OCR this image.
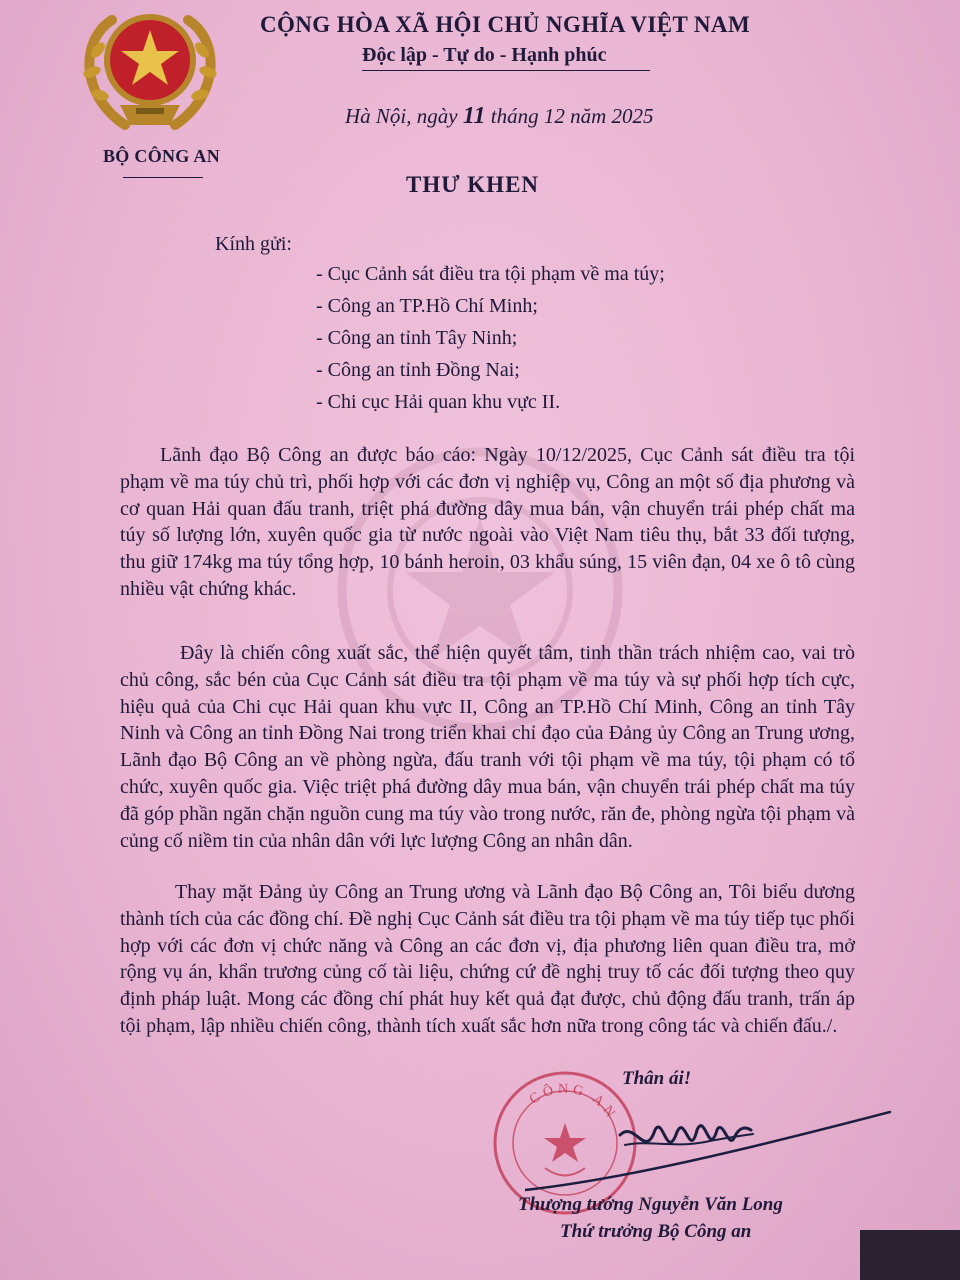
BỘ CÔNG AN
CỘNG HÒA XÃ HỘI CHỦ NGHĨA VIỆT NAM
Độc lập - Tự do - Hạnh phúc
Hà Nội, ngày 11 tháng 12 năm 2025
THƯ KHEN
Kính gửi:
- Cục Cảnh sát điều tra tội phạm về ma túy;
- Công an TP.Hồ Chí Minh;
- Công an tỉnh Tây Ninh;
- Công an tỉnh Đồng Nai;
- Chi cục Hải quan khu vực II.

Lãnh đạo Bộ Công an được báo cáo: Ngày 10/12/2025, Cục Cảnh sát điều tra tội phạm về ma túy chủ trì, phối hợp với các đơn vị nghiệp vụ, Công an một số địa phương và cơ quan Hải quan đấu tranh, triệt phá đường dây mua bán, vận chuyển trái phép chất ma túy số lượng lớn, xuyên quốc gia từ nước ngoài vào Việt Nam tiêu thụ, bắt 33 đối tượng, thu giữ 174kg ma túy tổng hợp, 10 bánh heroin, 03 khẩu súng, 15 viên đạn, 04 xe ô tô cùng nhiều vật chứng khác.

Đây là chiến công xuất sắc, thể hiện quyết tâm, tinh thần trách nhiệm cao, vai trò chủ công, sắc bén của Cục Cảnh sát điều tra tội phạm về ma túy và sự phối hợp tích cực, hiệu quả của Chi cục Hải quan khu vực II, Công an TP.Hồ Chí Minh, Công an tỉnh Tây Ninh và Công an tỉnh Đồng Nai trong triển khai chỉ đạo của Đảng ủy Công an Trung ương, Lãnh đạo Bộ Công an về phòng ngừa, đấu tranh với tội phạm về ma túy, tội phạm có tổ chức, xuyên quốc gia. Việc triệt phá đường dây mua bán, vận chuyển trái phép chất ma túy đã góp phần ngăn chặn nguồn cung ma túy vào trong nước, răn đe, phòng ngừa tội phạm và củng cố niềm tin của nhân dân với lực lượng Công an nhân dân.

Thay mặt Đảng ủy Công an Trung ương và Lãnh đạo Bộ Công an, Tôi biểu dương thành tích của các đồng chí. Đề nghị Cục Cảnh sát điều tra tội phạm về ma túy tiếp tục phối hợp với các đơn vị chức năng và Công an các đơn vị, địa phương liên quan điều tra, mở rộng vụ án, khẩn trương củng cố tài liệu, chứng cứ đề nghị truy tố các đối tượng theo quy định pháp luật. Mong các đồng chí phát huy kết quả đạt được, chủ động đấu tranh, trấn áp tội phạm, lập nhiều chiến công, thành tích xuất sắc hơn nữa trong công tác và chiến đấu./.

CÔNG AN
Thân ái!
Thượng tướng Nguyễn Văn Long
Thứ trưởng Bộ Công an
